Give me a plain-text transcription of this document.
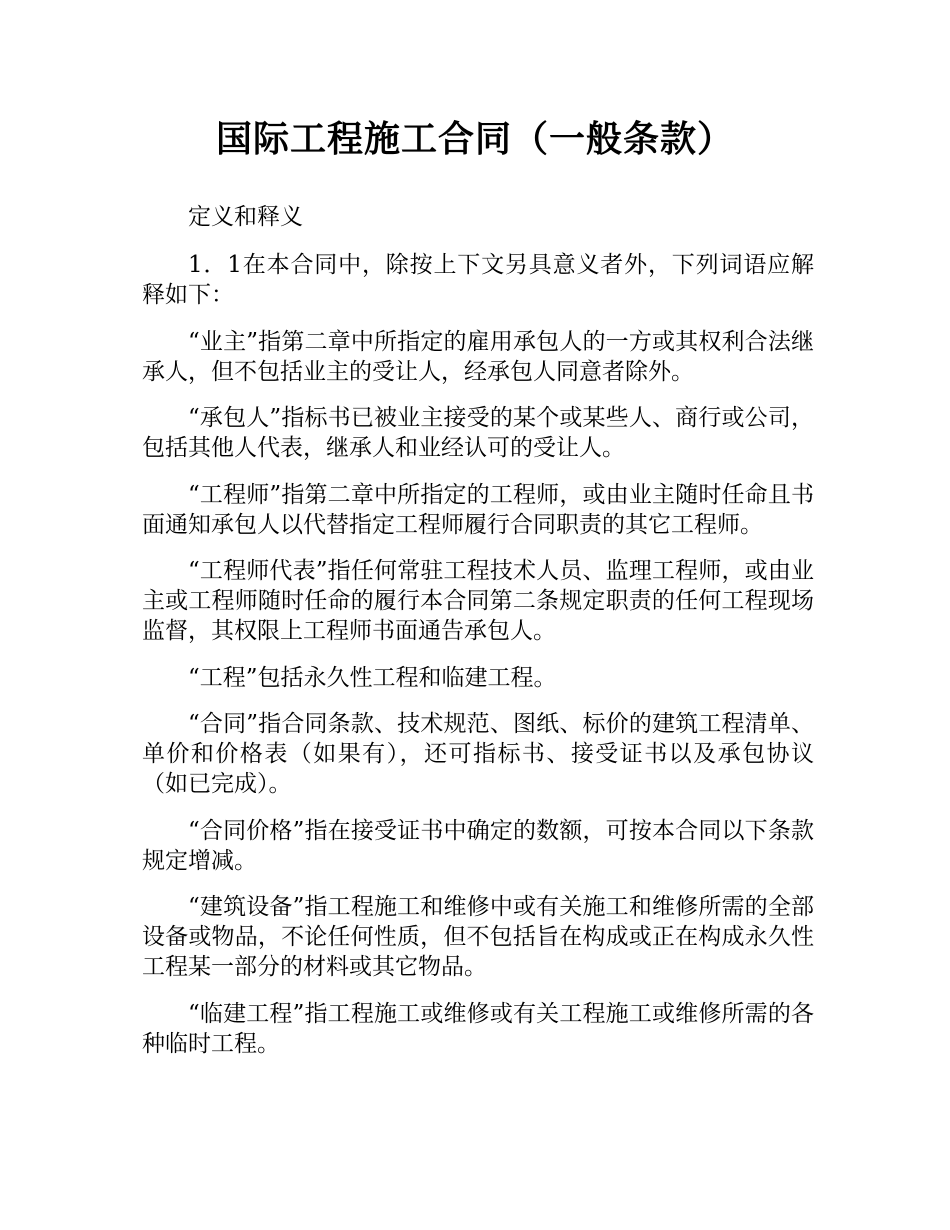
国际工程施工合同（一般条款）

定义和释义

1．1在本合同中，除按上下文另具意义者外，下列词语应解释如下：

“业主”指第二章中所指定的雇用承包人的一方或其权利合法继承人，但不包括业主的受让人，经承包人同意者除外。

“承包人”指标书已被业主接受的某个或某些人、商行或公司，包括其他人代表，继承人和业经认可的受让人。

“工程师”指第二章中所指定的工程师，或由业主随时任命且书面通知承包人以代替指定工程师履行合同职责的其它工程师。

“工程师代表”指任何常驻工程技术人员、监理工程师，或由业主或工程师随时任命的履行本合同第二条规定职责的任何工程现场监督，其权限上工程师书面通告承包人。

“工程”包括永久性工程和临建工程。

“合同”指合同条款、技术规范、图纸、标价的建筑工程清单、单价和价格表（如果有），还可指标书、接受证书以及承包协议（如已完成）。

“合同价格”指在接受证书中确定的数额，可按本合同以下条款规定增减。

“建筑设备”指工程施工和维修中或有关施工和维修所需的全部设备或物品，不论任何性质，但不包括旨在构成或正在构成永久性工程某一部分的材料或其它物品。

“临建工程”指工程施工或维修或有关工程施工或维修所需的各种临时工程。
